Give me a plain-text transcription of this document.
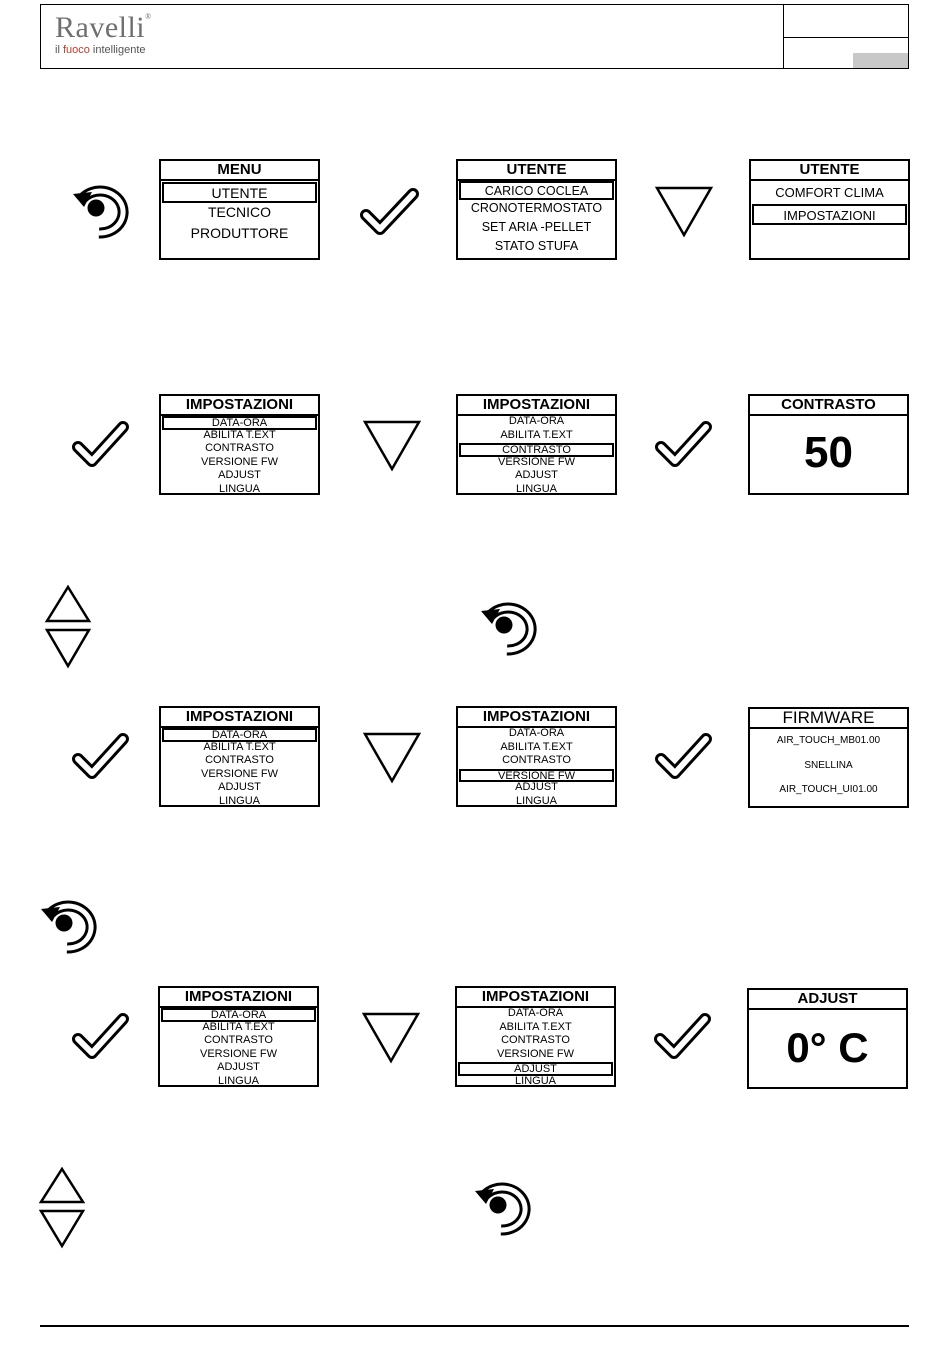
Ravelli®
il fuoco intelligente
MENU
UTENTE
TECNICO
PRODUTTORE
UTENTE
CARICO COCLEA
CRONOTERMOSTATO
SET ARIA -PELLET
STATO STUFA
UTENTE
COMFORT CLIMA
IMPOSTAZIONI
IMPOSTAZIONI
DATA-ORA
ABILITA T.EXT
CONTRASTO
VERSIONE FW
ADJUST
LINGUA
IMPOSTAZIONI
DATA-ORA
ABILITA T.EXT
CONTRASTO
VERSIONE FW
ADJUST
LINGUA
CONTRASTO
50
IMPOSTAZIONI
DATA-ORA
ABILITA T.EXT
CONTRASTO
VERSIONE FW
ADJUST
LINGUA
IMPOSTAZIONI
DATA-ORA
ABILITA T.EXT
CONTRASTO
VERSIONE FW
ADJUST
LINGUA
FIRMWARE
AIR_TOUCH_MB01.00
SNELLINA
AIR_TOUCH_UI01.00
IMPOSTAZIONI
DATA-ORA
ABILITA T.EXT
CONTRASTO
VERSIONE FW
ADJUST
LINGUA
IMPOSTAZIONI
DATA-ORA
ABILITA T.EXT
CONTRASTO
VERSIONE FW
ADJUST
LINGUA
ADJUST
0° C
